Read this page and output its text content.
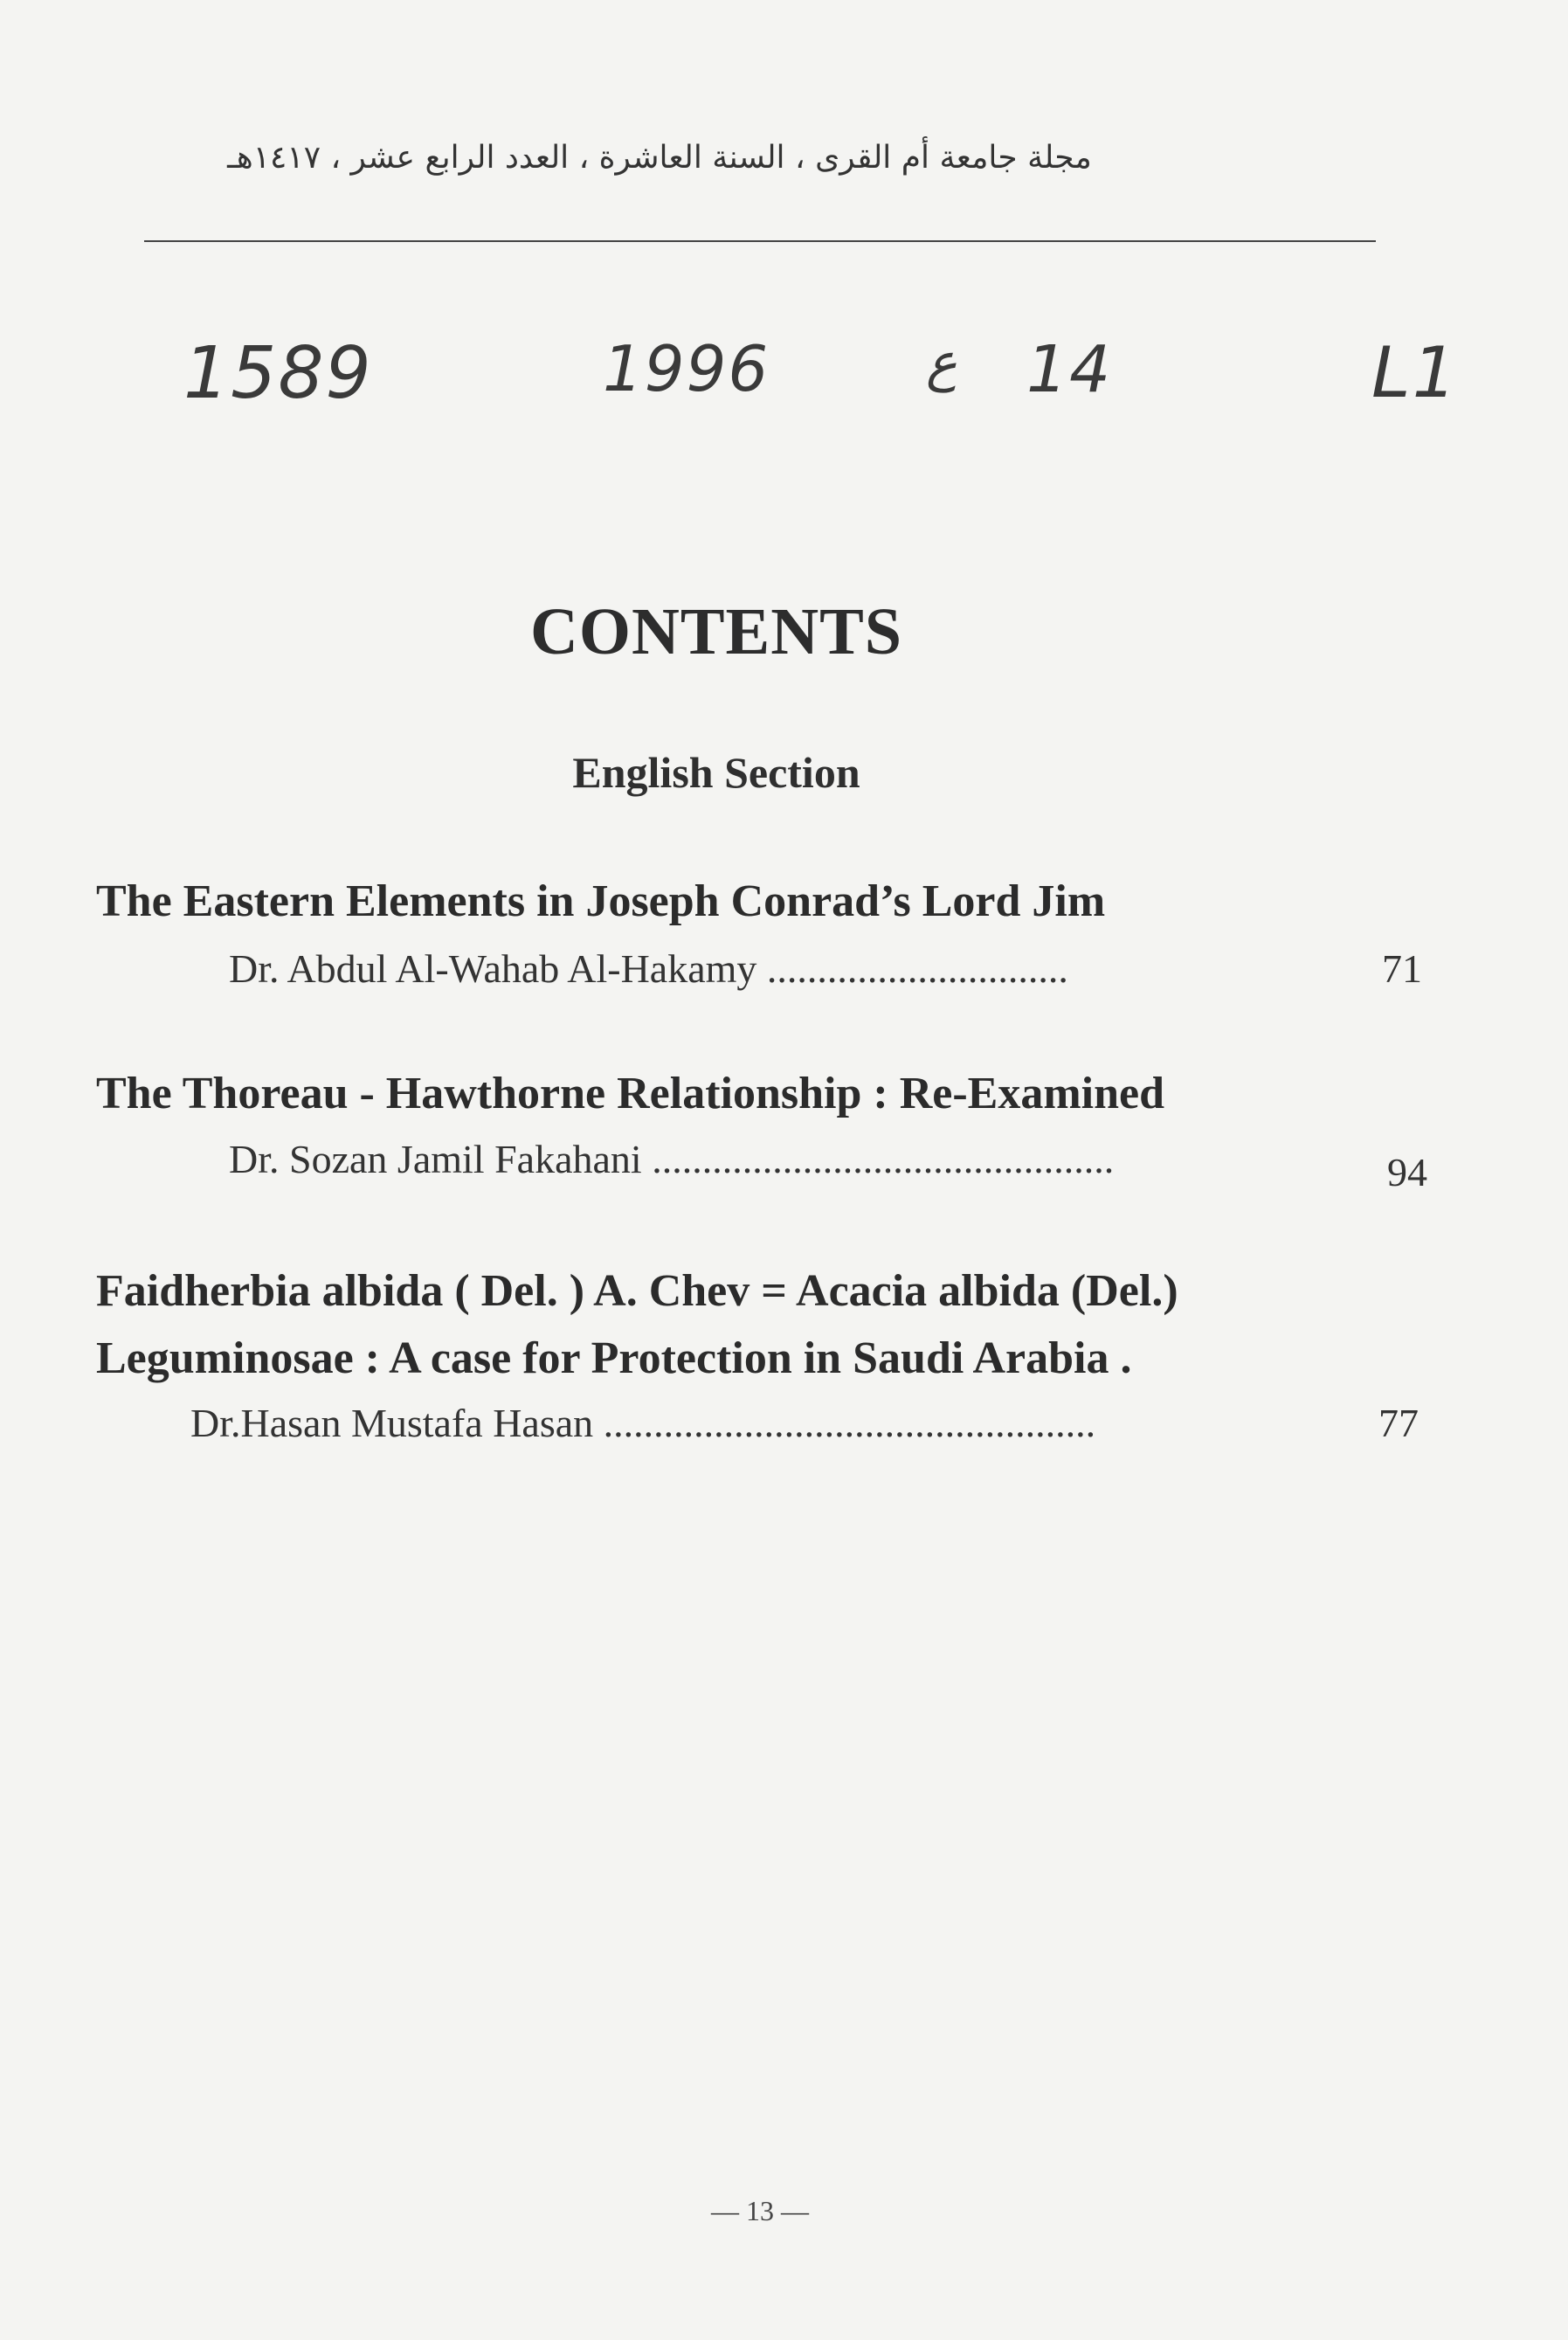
مجلة جامعة أم القرى ، السنة العاشرة ، العدد الرابع عشر ، ١٤١٧هـ
1589	1996	ع 14	L1
CONTENTS
English Section
The Eastern Elements in Joseph Conrad’s Lord Jim
Dr. Abdul Al-Wahab Al-Hakamy ..............................	71
The Thoreau - Hawthorne Relationship : Re-Examined
Dr. Sozan Jamil Fakahani ..............................................	94
Faidherbia albida ( Del. ) A. Chev = Acacia albida (Del.)
Leguminosae : A case for Protection in Saudi Arabia .
Dr.Hasan Mustafa Hasan .................................................	77
— 13 —
